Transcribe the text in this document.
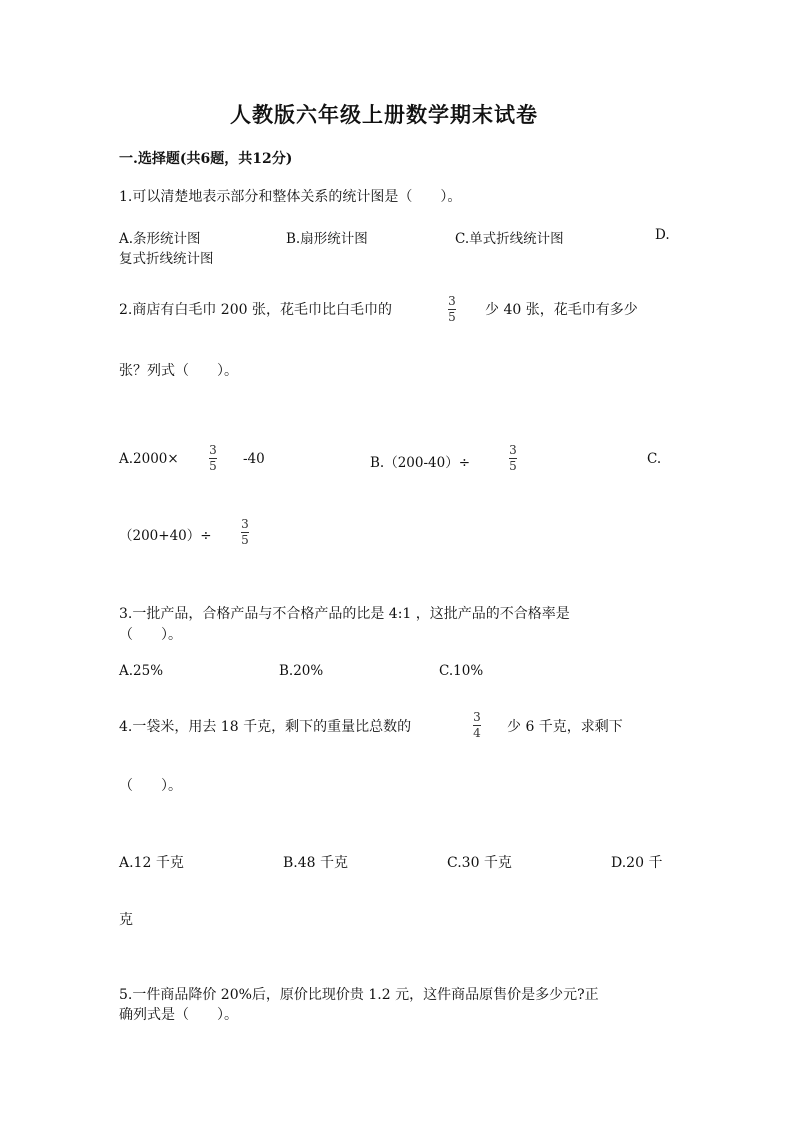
人教版六年级上册数学期末试卷
一.选择题(共6题，共12分)
1.可以清楚地表示部分和整体关系的统计图是（　　）。
A.条形统计图	B.扇形统计图	C.单式折线统计图	D.
复式折线统计图
2.商店有白毛巾 200 张，花毛巾比白毛巾的
3
5 少 40 张，花毛巾有多少
张？列式（　　）。
A.2000×
3
5 -40	B.（200-40）÷
3
5	C.
（200+40）÷
3
5
3.一批产品，合格产品与不合格产品的比是 4:1 ，这批产品的不合格率是
（　　）。
A.25%	B.20%	C.10%
4.一袋米，用去 18 千克，剩下的重量比总数的
3
4 少 6 千克，求剩下
（　　）。
A.12 千克	B.48 千克	C.30 千克	D.20 千
克
5.一件商品降价 20%后，原价比现价贵 1.2 元，这件商品原售价是多少元?正
确列式是（　　）。
